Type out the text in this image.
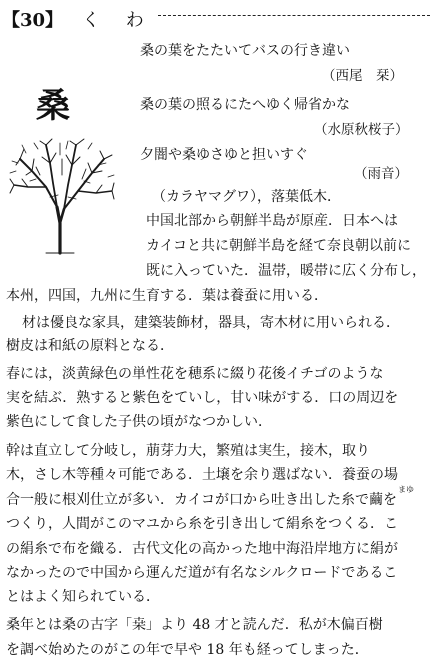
【30】 く わ
桑
桑の葉をたたいてバスの行き違い
（西尾　栞）
桑の葉の照るにたへゆく帰省かな
（水原秋桜子）
夕闇や桑ゆさゆと担いすぐ
（雨音）
（カラヤマグワ），落葉低木．
中国北部から朝鮮半島が原産．日本へは
カイコと共に朝鮮半島を経て奈良朝以前に
既に入っていた．温帯，暖帯に広く分布し，
本州，四国，九州に生育する．葉は養蚕に用いる．
材は優良な家具，建築装飾材，器具，寄木材に用いられる．
樹皮は和紙の原料となる．
春には，淡黄緑色の単性花を穂系に綴り花後イチゴのような
実を結ぶ．熟すると紫色をていし，甘い味がする．口の周辺を
紫色にして食した子供の頃がなつかしい．
幹は直立して分岐し，萠芽力大，繁殖は実生，接木，取り
木，さし木等種々可能である．土壌を余り選ばない．養蚕の場
まゆ
合一般に根刈仕立が多い．カイコが口から吐き出した糸で繭を
つくり，人間がこのマユから糸を引き出して絹糸をつくる．こ
の絹糸で布を織る．古代文化の高かった地中海沿岸地方に絹が
なかったので中国から運んだ道が有名なシルクロードであるこ
とはよく知られている．
桑年とは桑の古字「桒」より 48 才と読んだ．私が木偏百樹
を調べ始めたのがこの年で早や 18 年も経ってしまった．
